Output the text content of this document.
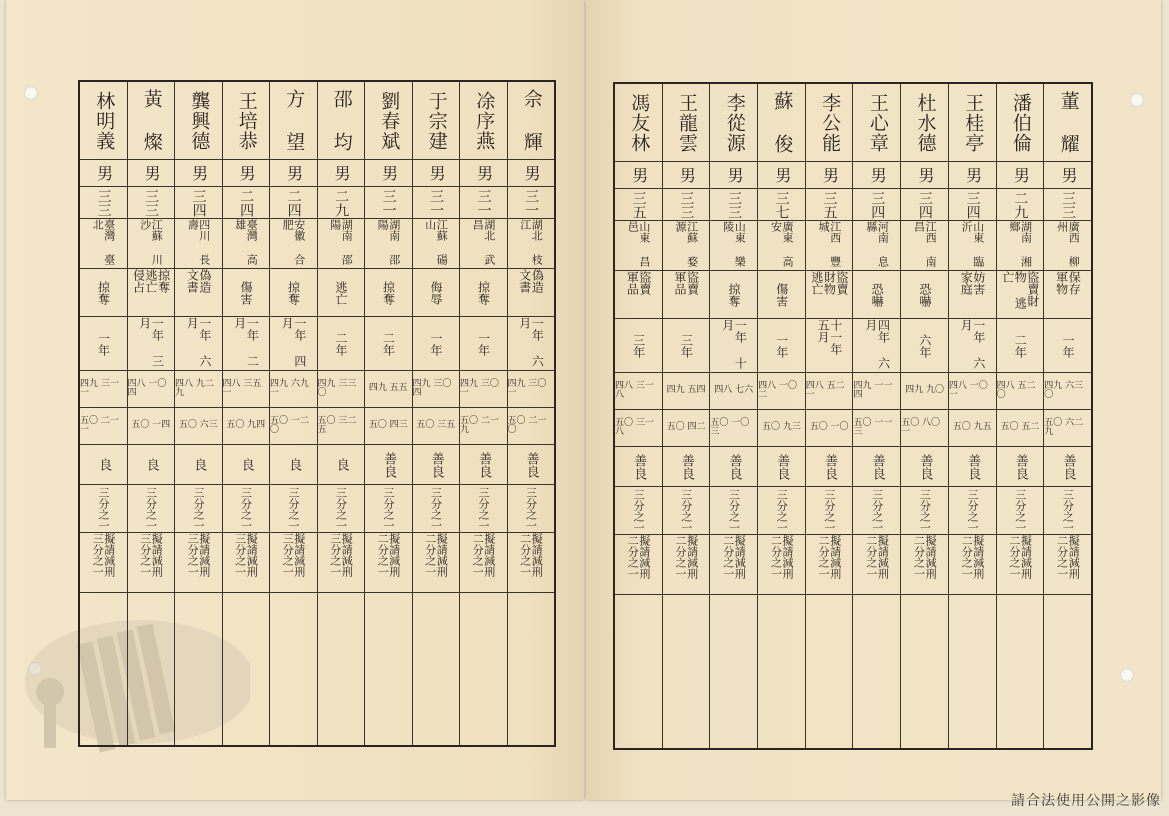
佘 輝
男
三一
湖北 枝江
偽造 文書
一年 六月
四九 三〇一
五〇 二一〇
善良
三分之一
擬請減刑 二分之一
凃序燕
男
三一
湖北 武昌
掠奪
一年
四九 三〇一
五〇 二一九
善良
三分之一
擬請減刑 二分之一
于宗建
男
三一
江蘇 碭山
侮辱
一年
四九 三〇四
五〇 三五
善良
三分之一
擬請減刑 二分之一
劉春斌
男
三一
湖南 邵陽
掠奪
二年
四九 五五
五〇 四三
善良
三分之一
擬請減刑 二分之一
邵 均
男
二九
湖南 邵陽
逃亡
二年
四九 三三〇
五〇 三二五
良
三分之一
擬請減刑 三分之一
方 望
男
二四
安徽 合肥
掠奪
一年 四月
四九 六九一
五〇 一二〇
良
三分之一
擬請減刑 三分之一
王培恭
男
二四
臺灣 高雄
傷害
一年 二月
四八 三五一
五〇 九四
良
三分之一
擬請減刑 三分之一
龔興德
男
三四
四川 長壽
偽造 文書
一年 六月
四八 九二九
五〇 六三
良
三分之一
擬請減刑 三分之一
黃 燦
男
三三
江蘇 川沙
掠奪 逃亡 侵占
一年 三月
四八 一〇四
五〇 一四
良
三分之一
擬請減刑 三分之一
林明義
男
三三
臺灣 臺北
掠奪
一年
四九 三一一
五〇 二一一
良
三分之一
擬請減刑 三分之一
董 耀
男
三三
廣西 柳州
保存 軍物
一年
四九 六三〇
五〇 六二九
善良
三分之一
擬請減刑 二分之一
潘伯倫
男
二九
湖南 湘鄉
盜賣財物 逃亡
二年
四八 五二〇
五〇 五二
善良
三分之一
擬請減刑 二分之一
王桂亭
男
三四
山東 臨沂
妨害 家庭
一年 六月
四八 一〇一
五〇 九五
善良
三分之一
擬請減刑 二分之一
杜水德
男
三四
江西 南昌
恐嚇
六年
四九 九〇
五〇 八〇一
善良
三分之一
擬請減刑 二分之一
王心章
男
三四
河南 息縣
恐嚇
四年 六月
四九 一一四
五〇 一一三
善良
三分之一
擬請減刑 二分之一
李公能
男
三五
江西 豐城
盜賣 財物 逃亡
十一年 五月
四八 五二一
五〇 一〇
善良
三分之一
擬請減刑 二分之一
蘇 俊
男
三七
廣東 高安
傷害
一年
四八 一〇二
五〇 九三
善良
三分之一
擬請減刑 二分之一
李從源
男
三三
山東 樂陵
掠奪
一年 十月
四八 七六
五〇 一〇三
善良
三分之一
擬請減刑 二分之一
王龍雲
男
三三
江蘇 婺源
盜賣 軍品
三年
四九 五四
五〇 四二
善良
三分之一
擬請減刑 二分之一
馮友林
男
三五
山東 昌邑
盜賣 軍品
三年
四八 三一八
五〇 三一八
善良
三分之一
擬請減刑 二分之一
請合法使用公開之影像
